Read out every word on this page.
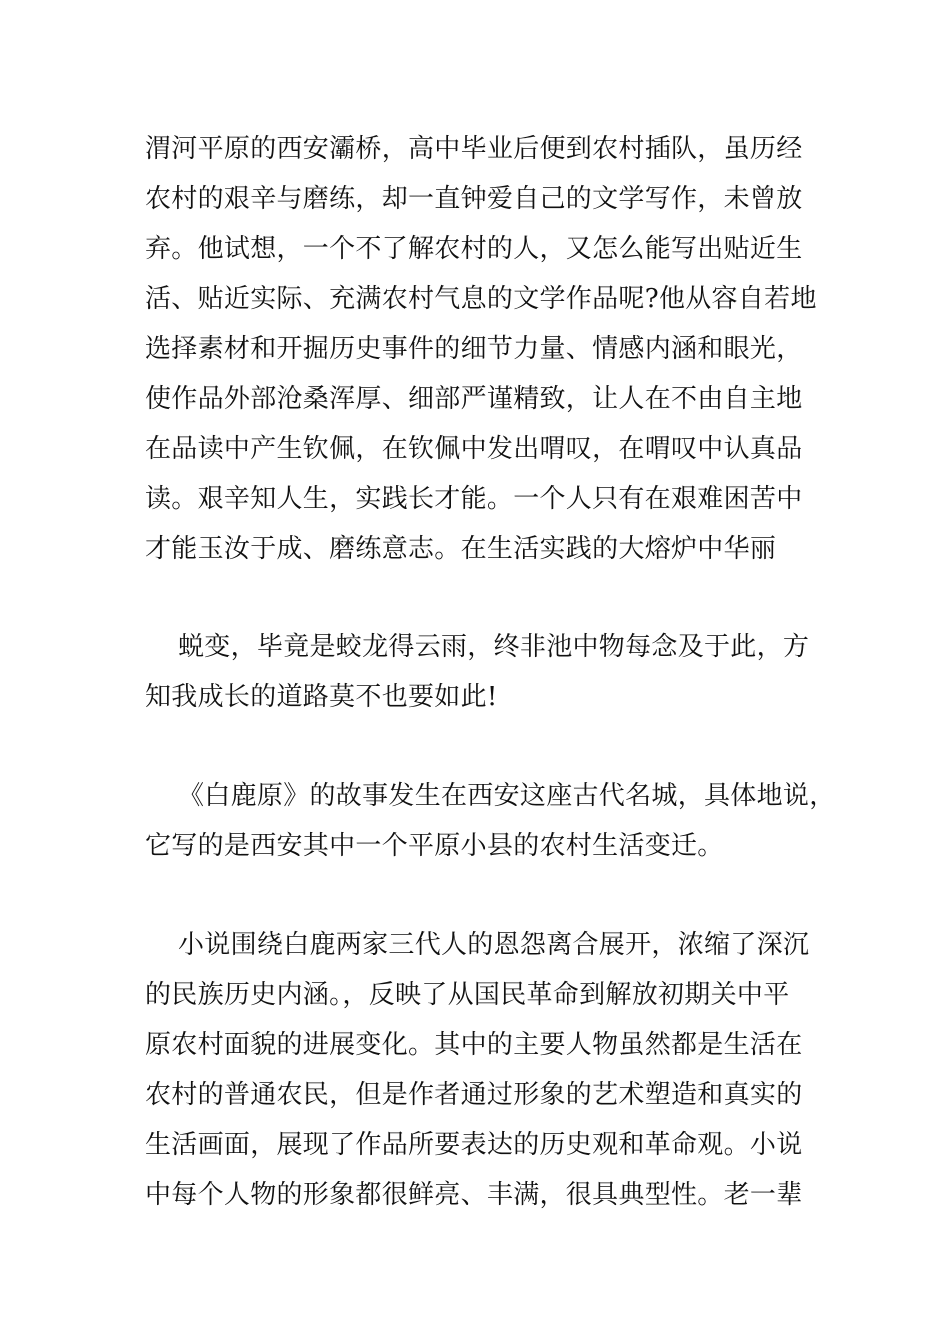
渭河平原的西安灞桥，高中毕业后便到农村插队，虽历经
农村的艰辛与磨练，却一直钟爱自己的文学写作，未曾放
弃。他试想，一个不了解农村的人，又怎么能写出贴近生
活、贴近实际、充满农村气息的文学作品呢?他从容自若地
选择素材和开掘历史事件的细节力量、情感内涵和眼光，
使作品外部沧桑浑厚、细部严谨精致，让人在不由自主地
在品读中产生钦佩，在钦佩中发出喟叹，在喟叹中认真品
读。艰辛知人生，实践长才能。一个人只有在艰难困苦中
才能玉汝于成、磨练意志。在生活实践的大熔炉中华丽
蜕变，毕竟是蛟龙得云雨，终非池中物每念及于此，方
知我成长的道路莫不也要如此!
《白鹿原》的故事发生在西安这座古代名城，具体地说，
它写的是西安其中一个平原小县的农村生活变迁。
小说围绕白鹿两家三代人的恩怨离合展开，浓缩了深沉
的民族历史内涵。，反映了从国民革命到解放初期关中平
原农村面貌的进展变化。其中的主要人物虽然都是生活在
农村的普通农民，但是作者通过形象的艺术塑造和真实的
生活画面，展现了作品所要表达的历史观和革命观。小说
中每个人物的形象都很鲜亮、丰满，很具典型性。老一辈
